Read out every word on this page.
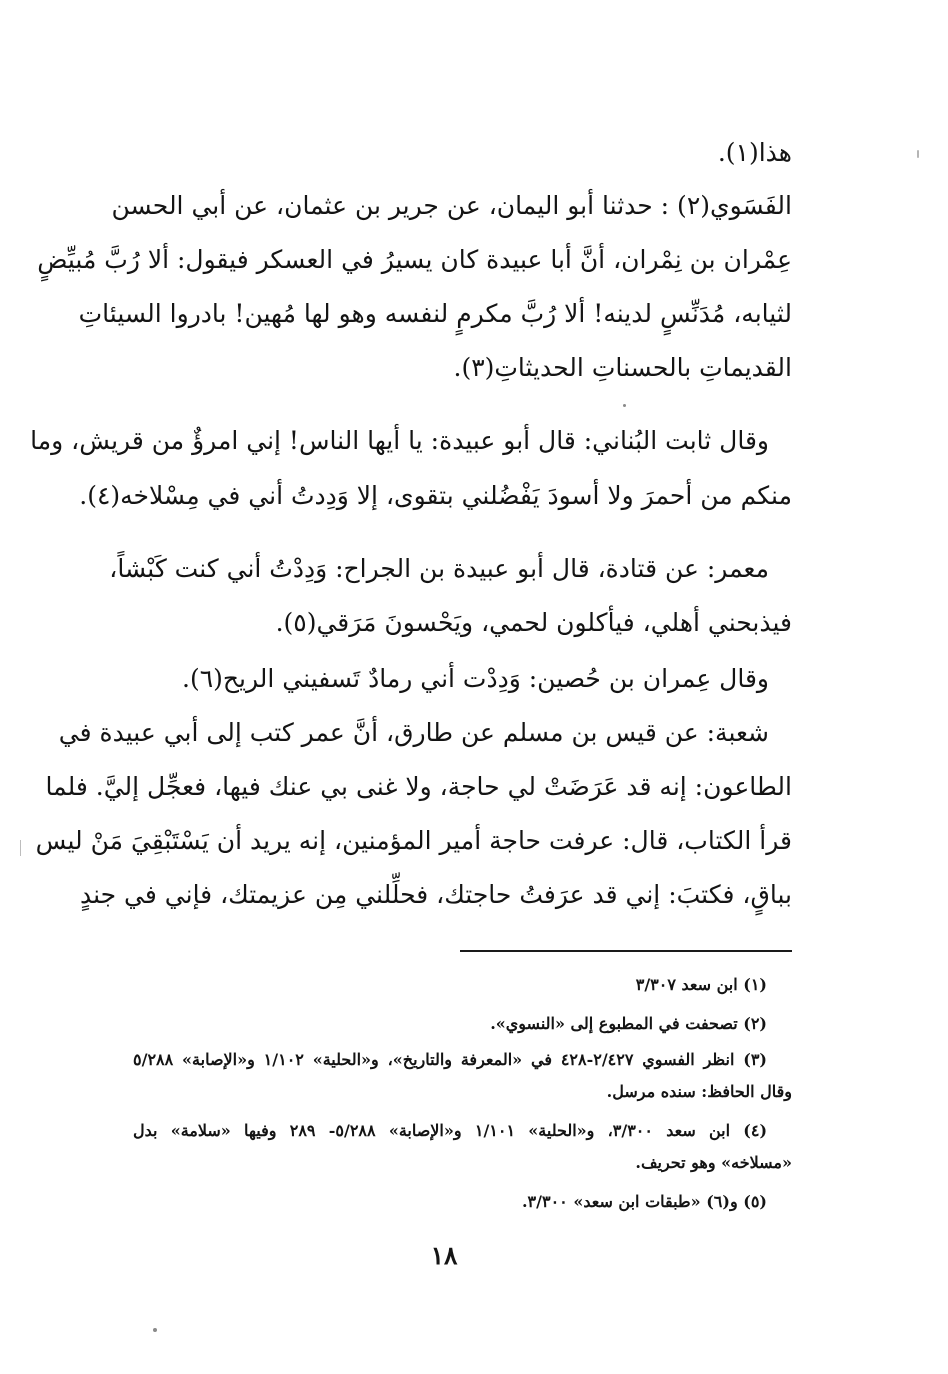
هذا(١).
الفَسَوي(٢) : حدثنا أبو اليمان، عن جرير بن عثمان، عن أبي الحسن
عِمْران بن نِمْران، أنَّ أبا عبيدة كان يسيرُ في العسكر فيقول: ألا رُبَّ مُبيِّضٍ
لثيابه، مُدَنِّسٍ لدينه! ألا رُبَّ مكرمٍ لنفسه وهو لها مُهين! بادروا السيئاتِ
القديماتِ بالحسناتِ الحديثاتِ(٣).
وقال ثابت البُناني: قال أبو عبيدة: يا أيها الناس! إني امرؤٌ من قريش، وما
منكم من أحمرَ ولا أسودَ يَفْضُلني بتقوى، إلا وَدِدتُ أني في مِسْلاخه(٤).
معمر: عن قتادة، قال أبو عبيدة بن الجراح: وَدِدْتُ أني كنت كَبْشاً،
فيذبحني أهلي، فيأكلون لحمي، ويَحْسونَ مَرَقي(٥).
وقال عِمران بن حُصين: وَدِدْت أني رمادٌ تَسفيني الريح(٦).
شعبة: عن قيس بن مسلم عن طارق، أنَّ عمر كتب إلى أبي عبيدة في
الطاعون: إنه قد عَرَضَتْ لي حاجة، ولا غنى بي عنك فيها، فعجِّل إليَّ. فلما
قرأ الكتاب، قال: عرفت حاجة أمير المؤمنين، إنه يريد أن يَسْتَبْقِيَ مَنْ ليس
بباقٍ، فكتبَ: إني قد عرَفتُ حاجتك، فحلِّلني مِن عزيمتك، فإني في جندٍ
(١) ابن سعد ٣/٣٠٧
(٢) تصحفت في المطبوع إلى «النسوي».
(٣) انظر الفسوي ٢/٤٢٧-٤٢٨ في «المعرفة والتاريخ»، و«الحلية» ١/١٠٢ و«الإصابة» ٥/٢٨٨
وقال الحافظ: سنده مرسل.
(٤) ابن سعد ٣/٣٠٠، و«الحلية» ١/١٠١ و«الإصابة» ٥/٢٨٨- ٢٨٩ وفيها «سلامة» بدل
«مسلاخه» وهو تحريف.
(٥) و(٦) «طبقات ابن سعد» ٣/٣٠٠.
١٨
